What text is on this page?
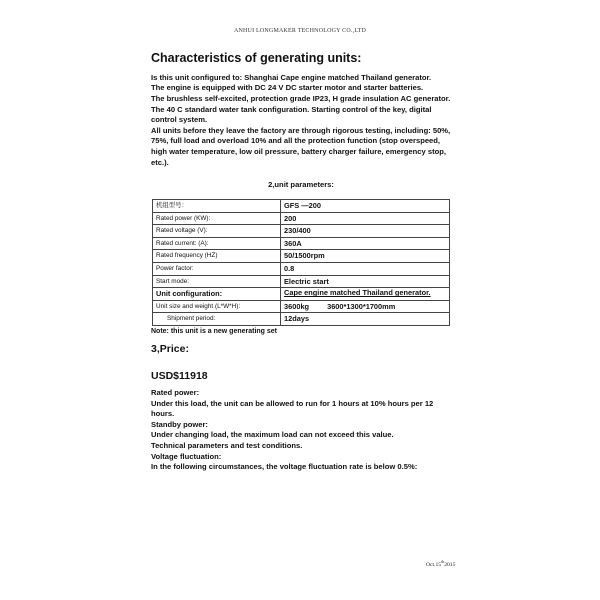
ANHUI LONGMAKER TECHNOLOGY CO.,LTD
Characteristics of generating units:

Is this unit configured to: Shanghai Cape engine matched Thailand generator.

The engine is equipped with DC 24 V DC starter motor and starter batteries.

The brushless self-excited, protection grade IP23, H grade insulation AC generator.

The 40 C standard water tank configuration. Starting control of the key, digital control system.

All units before they leave the factory are through rigorous testing, including: 50%, 75%, full load and overload 10% and all the protection function (stop overspeed, high water temperature, low oil pressure, battery charger failure, emergency stop, etc.).

2,unit parameters:
机组型号：	GFS —200
Rated power (KW):	200
Rated voltage (V):	230/400
Rated current: (A):	360A
Rated frequency (HZ)	50/1500rpm
Power factor:	0.8
Start mode:	Electric start
Unit configuration:	Cape engine matched Thailand generator.
Unit size and weight (L*W*H):	3600kg 3600*1300*1700mm
Shipment period:	12days
Note: this unit is a new generating set
3,Price:
USD$11918

Rated power:

Under this load, the unit can be allowed to run for 1 hours at 10% hours per 12 hours.

Standby power:

Under changing load, the maximum load can not exceed this value.

Technical parameters and test conditions.

Voltage fluctuation:

In the following circumstances, the voltage fluctuation rate is below 0.5%:

Oct.15th2015
